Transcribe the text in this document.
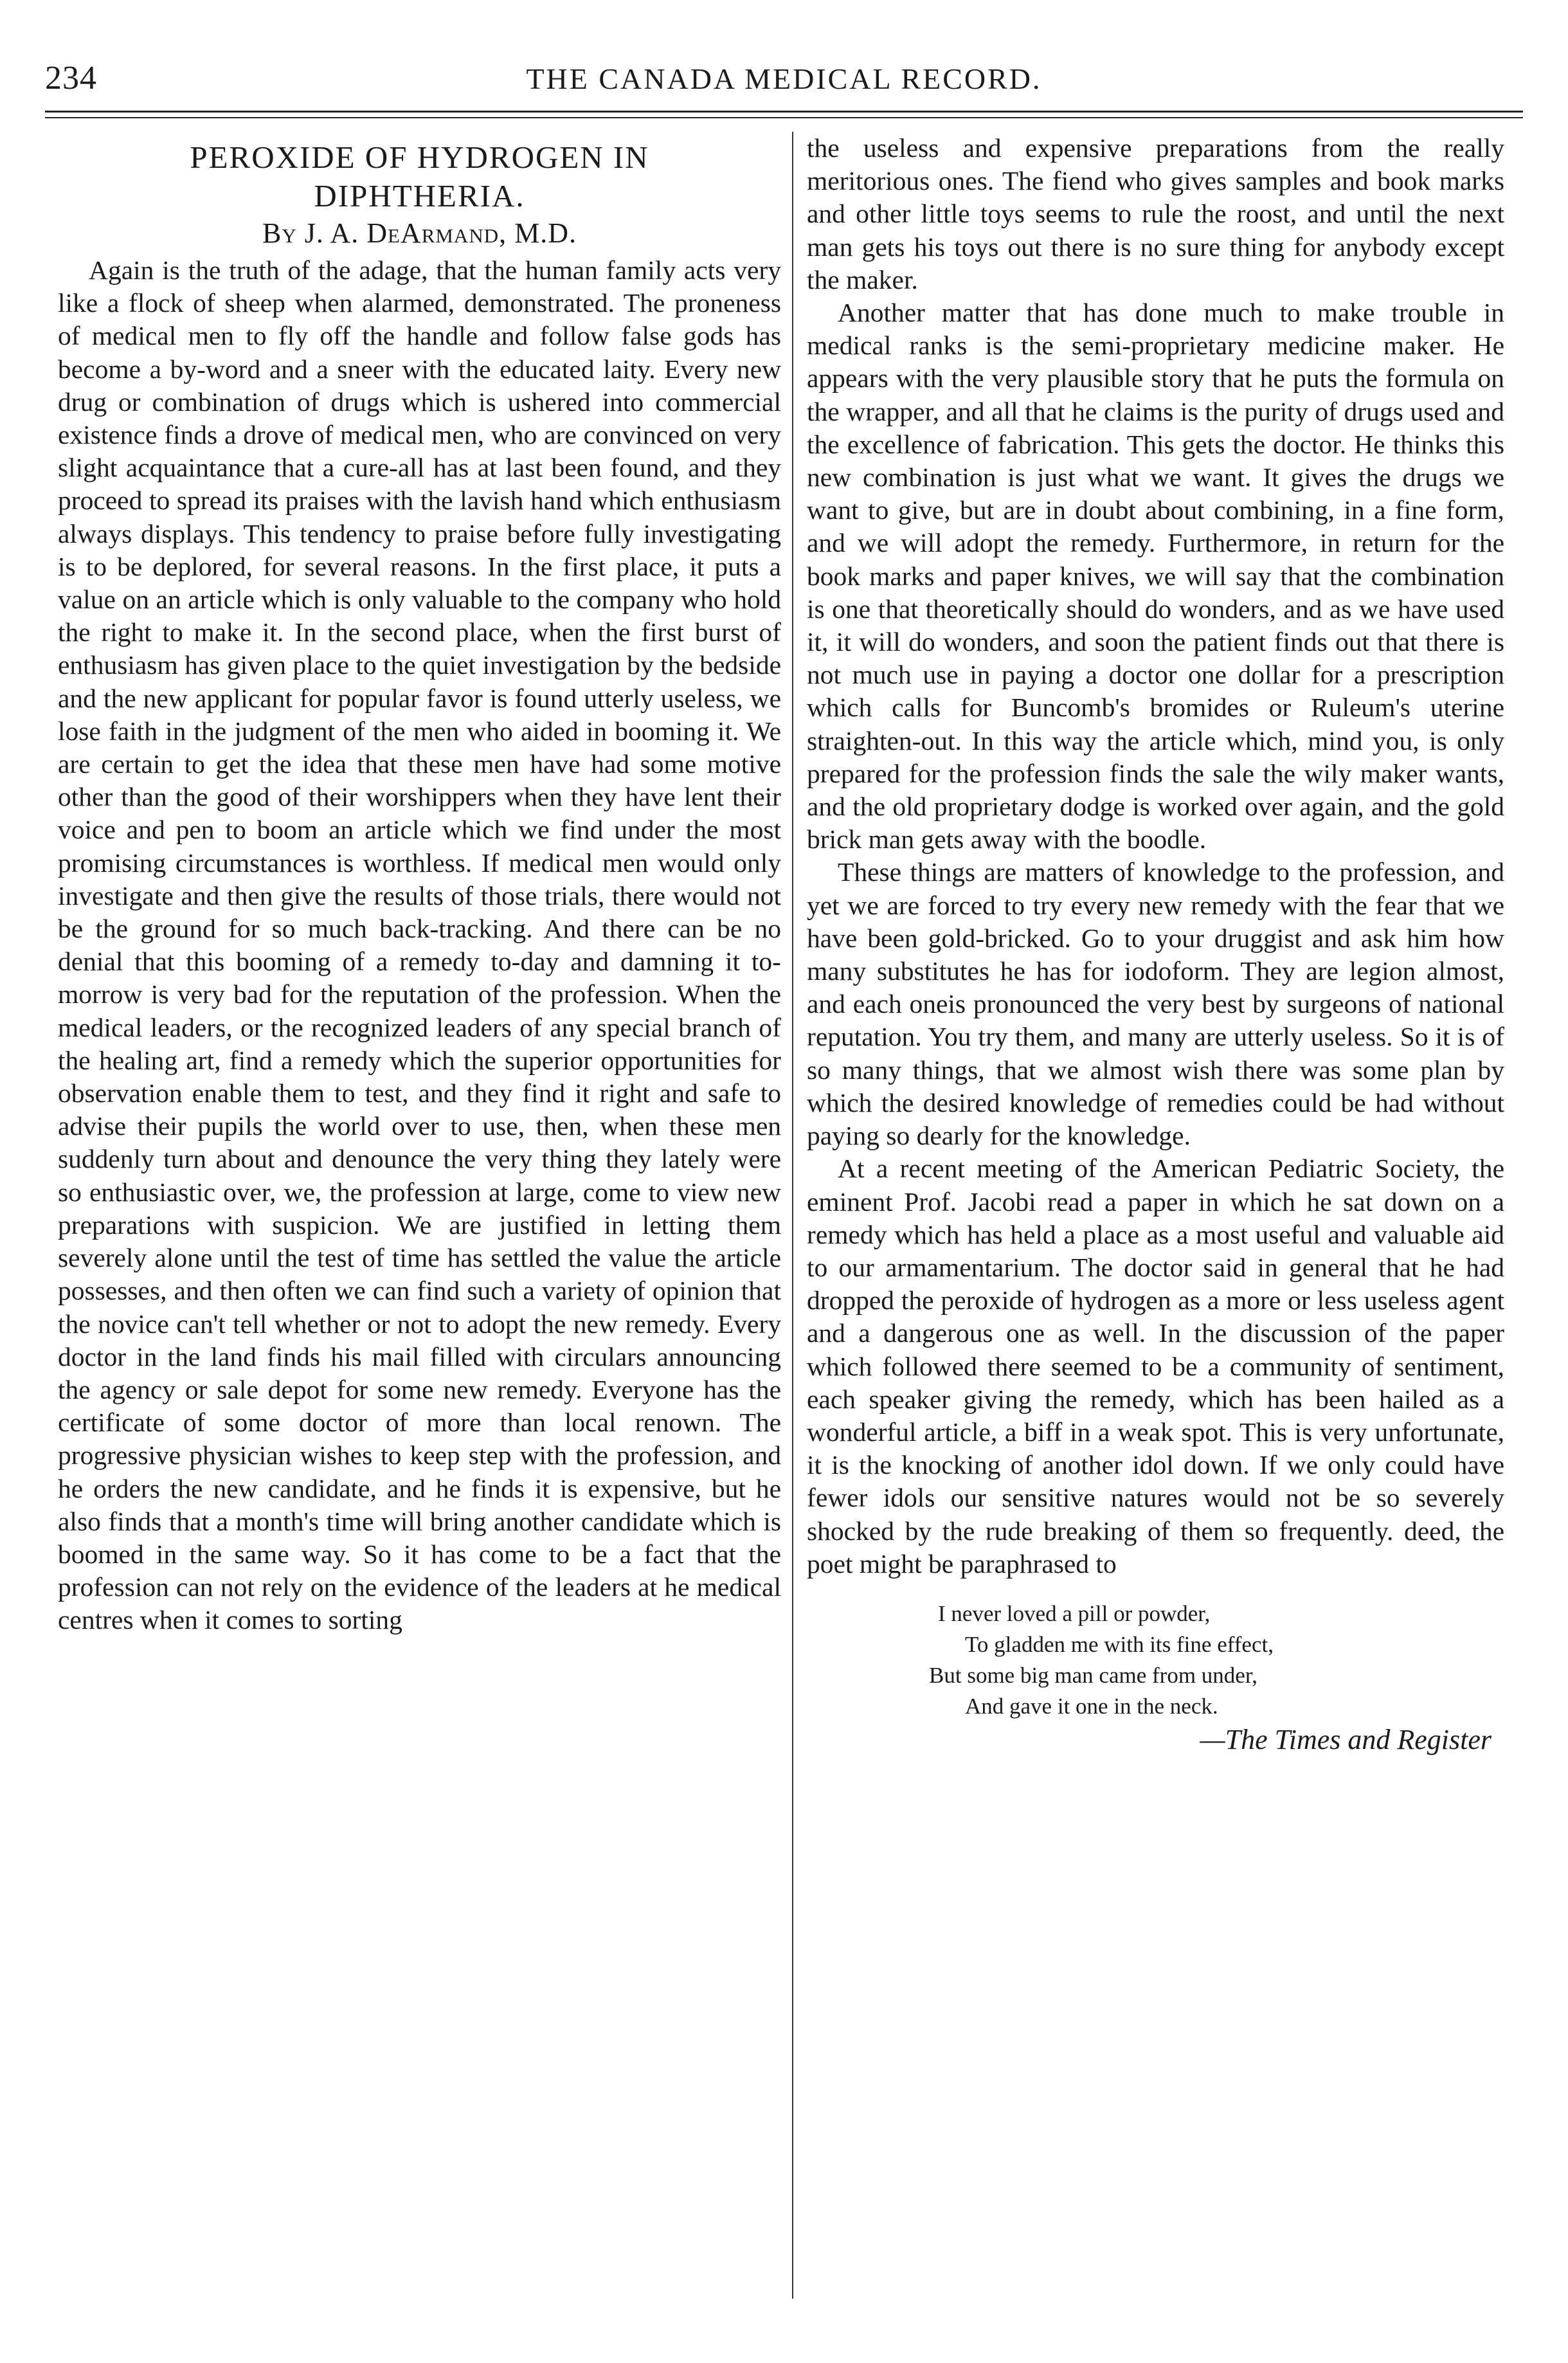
234	THE CANADA MEDICAL RECORD.
PEROXIDE OF HYDROGEN IN
DIPHTHERIA.
By J. A. DeArmand, M.D.

Again is the truth of the adage, that the human family acts very like a flock of sheep when alarmed, demonstrated. The proneness of medical men to fly off the handle and follow false gods has become a by-word and a sneer with the educated laity. Every new drug or combination of drugs which is ushered into commercial existence finds a drove of medical men, who are convinced on very slight acquaintance that a cure-all has at last been found, and they proceed to spread its praises with the lavish hand which enthusiasm always displays. This tendency to praise before fully investigating is to be deplored, for several reasons. In the first place, it puts a value on an article which is only valuable to the company who hold the right to make it. In the second place, when the first burst of enthusiasm has given place to the quiet investigation by the bedside and the new applicant for popular favor is found utterly useless, we lose faith in the judgment of the men who aided in booming it. We are certain to get the idea that these men have had some motive other than the good of their worshippers when they have lent their voice and pen to boom an article which we find under the most promising circumstances is worthless. If medical men would only investigate and then give the results of those trials, there would not be the ground for so much back-tracking. And there can be no denial that this booming of a remedy to-day and damning it to-morrow is very bad for the reputation of the profession. When the medical leaders, or the recognized leaders of any special branch of the healing art, find a remedy which the superior opportunities for observation enable them to test, and they find it right and safe to advise their pupils the world over to use, then, when these men suddenly turn about and denounce the very thing they lately were so enthusiastic over, we, the profession at large, come to view new preparations with suspicion. We are justified in letting them severely alone until the test of time has settled the value the article possesses, and then often we can find such a variety of opinion that the novice can't tell whether or not to adopt the new remedy. Every doctor in the land finds his mail filled with circulars announcing the agency or sale depot for some new remedy. Everyone has the certificate of some doctor of more than local renown. The progressive physician wishes to keep step with the profession, and he orders the new candidate, and he finds it is expensive, but he also finds that a month's time will bring another candidate which is boomed in the same way. So it has come to be a fact that the profession can not rely on the evidence of the leaders at he medical centres when it comes to sorting

the useless and expensive preparations from the really meritorious ones. The fiend who gives samples and book marks and other little toys seems to rule the roost, and until the next man gets his toys out there is no sure thing for anybody except the maker.

Another matter that has done much to make trouble in medical ranks is the semi-proprietary medicine maker. He appears with the very plausible story that he puts the formula on the wrapper, and all that he claims is the purity of drugs used and the excellence of fabrication. This gets the doctor. He thinks this new combination is just what we want. It gives the drugs we want to give, but are in doubt about combining, in a fine form, and we will adopt the remedy. Furthermore, in return for the book marks and paper knives, we will say that the combination is one that theoretically should do wonders, and as we have used it, it will do wonders, and soon the patient finds out that there is not much use in paying a doctor one dollar for a prescription which calls for Buncomb's bromides or Ruleum's uterine straighten-out. In this way the article which, mind you, is only prepared for the profession finds the sale the wily maker wants, and the old proprietary dodge is worked over again, and the gold brick man gets away with the boodle.

These things are matters of knowledge to the profession, and yet we are forced to try every new remedy with the fear that we have been gold-bricked. Go to your druggist and ask him how many substitutes he has for iodoform. They are legion almost, and each oneis pronounced the very best by surgeons of national reputation. You try them, and many are utterly useless. So it is of so many things, that we almost wish there was some plan by which the desired knowledge of remedies could be had without paying so dearly for the knowledge.

At a recent meeting of the American Pediatric Society, the eminent Prof. Jacobi read a paper in which he sat down on a remedy which has held a place as a most useful and valuable aid to our armamentarium. The doctor said in general that he had dropped the peroxide of hydrogen as a more or less useless agent and a dangerous one as well. In the discussion of the paper which followed there seemed to be a community of sentiment, each speaker giving the remedy, which has been hailed as a wonderful article, a biff in a weak spot. This is very unfortunate, it is the knocking of another idol down. If we only could have fewer idols our sensitive natures would not be so severely shocked by the rude breaking of them so frequently. deed, the poet might be paraphrased to

I never loved a pill or powder,
To gladden me with its fine effect,
But some big man came from under,
And gave it one in the neck.
—The Times and Register
